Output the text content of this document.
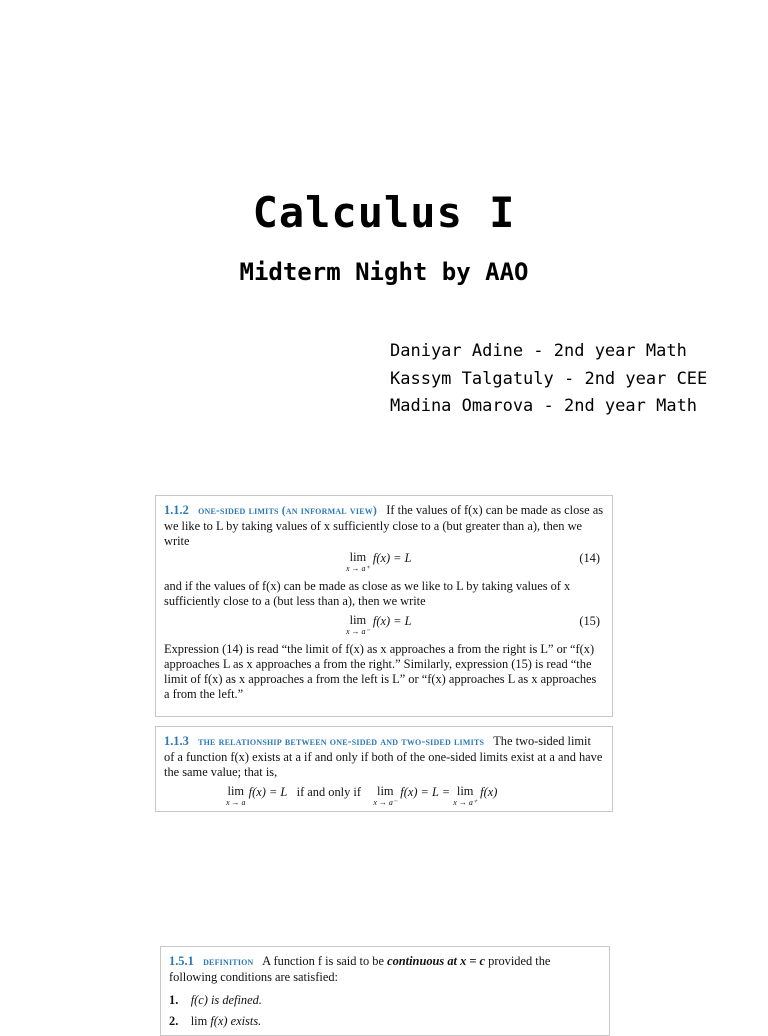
Calculus I
Midterm Night by AAO
Daniyar Adine - 2nd year Math
Kassym Talgatuly - 2nd year CEE
Madina Omarova - 2nd year Math

1.1.2 one-sided limits (an informal view) If the values of f(x) can be made as close as we like to L by taking values of x sufficiently close to a (but greater than a), then we write

lim
x → a⁺
f(x) = L	(14)

and if the values of f(x) can be made as close as we like to L by taking values of x sufficiently close to a (but less than a), then we write

lim
x → a⁻
f(x) = L	(15)

Expression (14) is read “the limit of f(x) as x approaches a from the right is L” or “f(x) approaches L as x approaches a from the right.” Similarly, expression (15) is read “the limit of f(x) as x approaches a from the left is L” or “f(x) approaches L as x approaches a from the left.”

1.1.3 the relationship between one-sided and two-sided limits The two-sided limit of a function f(x) exists at a if and only if both of the one-sided limits exist at a and have the same value; that is,

lim
x → a
f(x) = L if and only if lim
x → a⁻
f(x) = L = lim
x → a⁺
f(x)

1.5.1 definition A function f is said to be continuous at x = c provided the following conditions are satisfied:

1. f(c) is defined.
2. lim f(x) exists.
